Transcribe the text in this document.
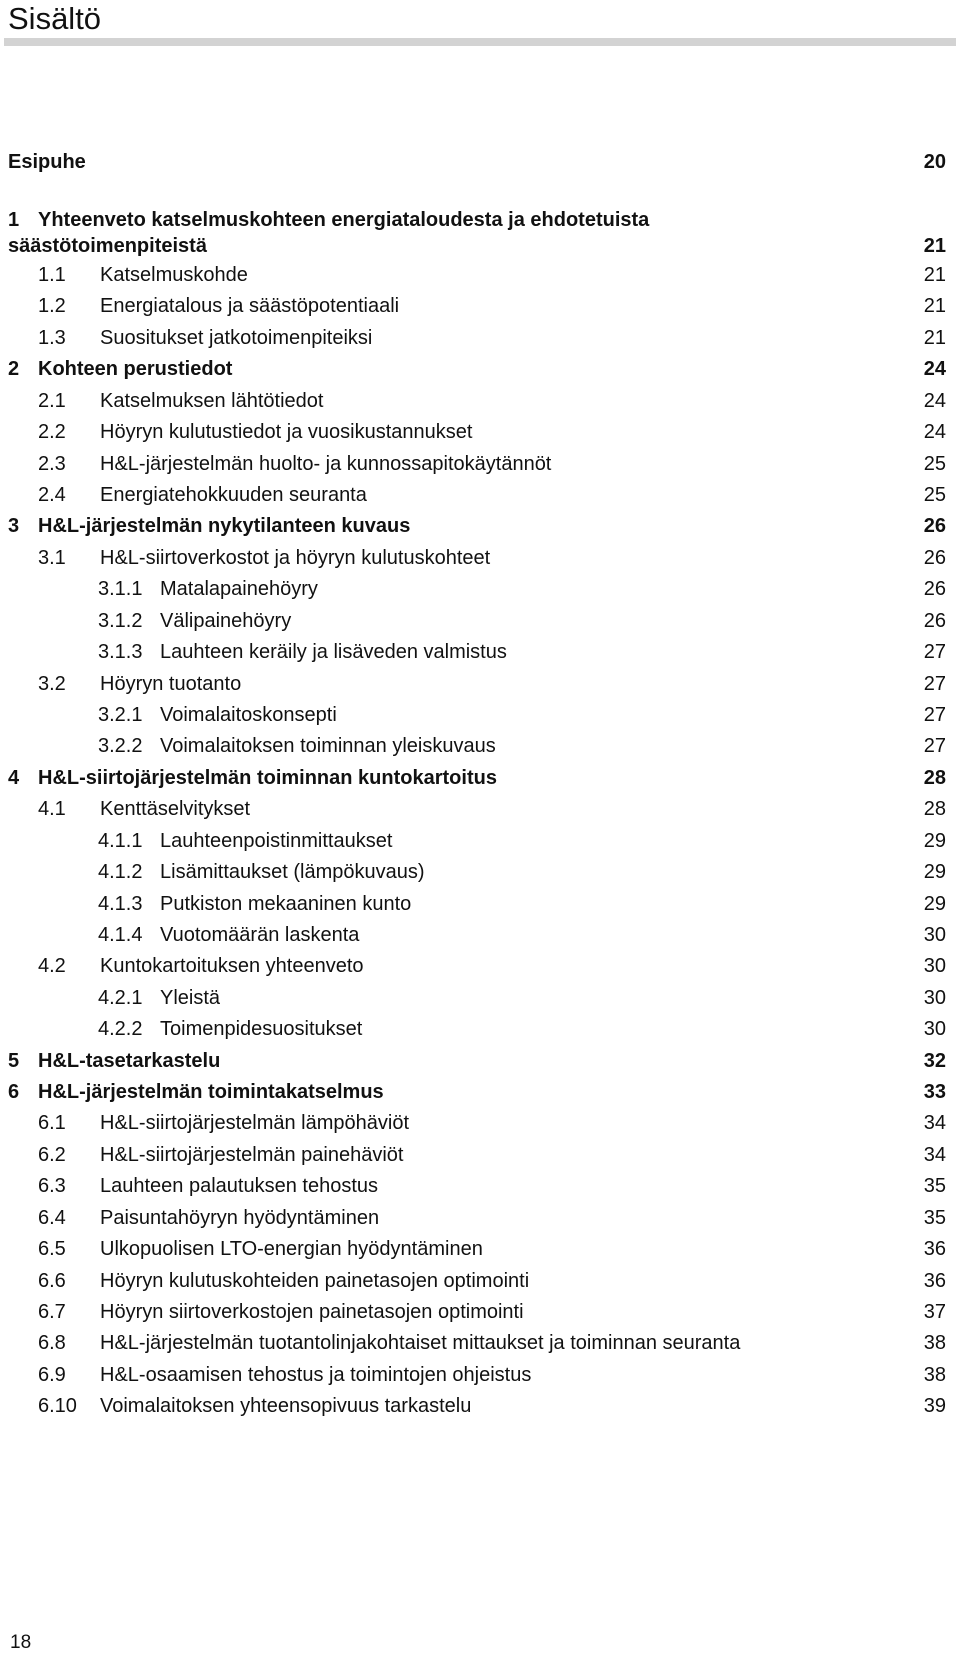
Sisältö
Esipuhe	20
1 Yhteenveto katselmuskohteen energiataloudesta ja ehdotetuista
säästötoimenpiteistä	21
1.1 Katselmuskohde	21
1.2 Energiatalous ja säästöpotentiaali	21
1.3 Suositukset jatkotoimenpiteiksi	21
2 Kohteen perustiedot	24
2.1 Katselmuksen lähtötiedot	24
2.2 Höyryn kulutustiedot ja vuosikustannukset	24
2.3 H&L-järjestelmän huolto- ja kunnossapitokäytännöt	25
2.4 Energiatehokkuuden seuranta	25
3 H&L-järjestelmän nykytilanteen kuvaus	26
3.1 H&L-siirtoverkostot ja höyryn kulutuskohteet	26
3.1.1 Matalapainehöyry	26
3.1.2 Välipainehöyry	26
3.1.3 Lauhteen keräily ja lisäveden valmistus	27
3.2 Höyryn tuotanto	27
3.2.1 Voimalaitoskonsepti	27
3.2.2 Voimalaitoksen toiminnan yleiskuvaus	27
4 H&L-siirtojärjestelmän toiminnan kuntokartoitus	28
4.1 Kenttäselvitykset	28
4.1.1 Lauhteenpoistinmittaukset	29
4.1.2 Lisämittaukset (lämpökuvaus)	29
4.1.3 Putkiston mekaaninen kunto	29
4.1.4 Vuotomäärän laskenta	30
4.2 Kuntokartoituksen yhteenveto	30
4.2.1 Yleistä	30
4.2.2 Toimenpidesuositukset	30
5 H&L-tasetarkastelu	32
6 H&L-järjestelmän toimintakatselmus	33
6.1 H&L-siirtojärjestelmän lämpöhäviöt	34
6.2 H&L-siirtojärjestelmän painehäviöt	34
6.3 Lauhteen palautuksen tehostus	35
6.4 Paisuntahöyryn hyödyntäminen	35
6.5 Ulkopuolisen LTO-energian hyödyntäminen	36
6.6 Höyryn kulutuskohteiden painetasojen optimointi	36
6.7 Höyryn siirtoverkostojen painetasojen optimointi	37
6.8 H&L-järjestelmän tuotantolinjakohtaiset mittaukset ja toiminnan seuranta	38
6.9 H&L-osaamisen tehostus ja toimintojen ohjeistus	38
6.10 Voimalaitoksen yhteensopivuus tarkastelu	39
18
